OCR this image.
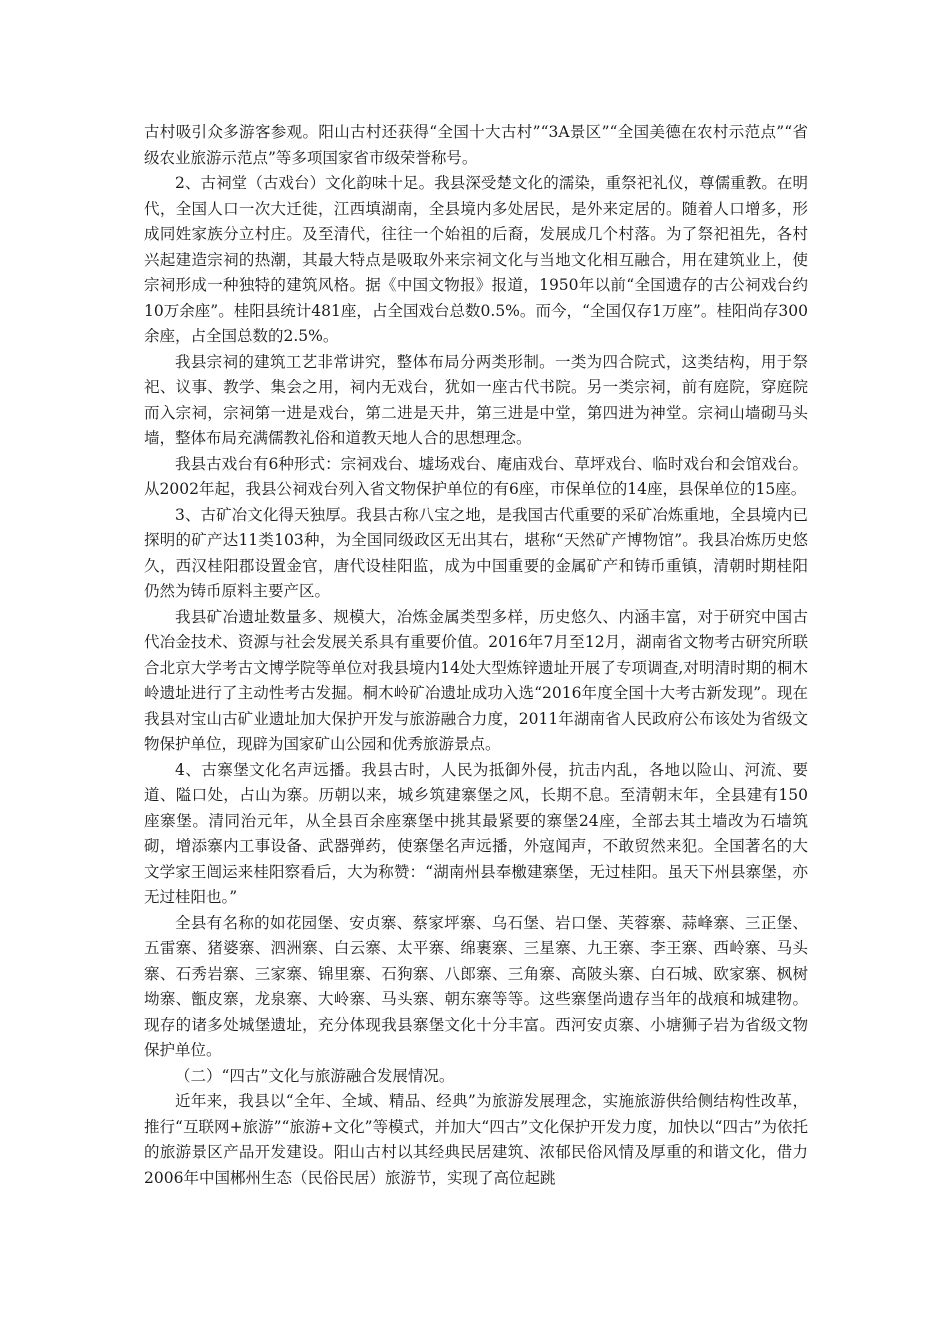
古村吸引众多游客参观。阳山古村还获得“全国十大古村”“3A景区”“全国美德在农村示范点”“省级农业旅游示范点”等多项国家省市级荣誉称号。

2、古祠堂（古戏台）文化韵味十足。我县深受楚文化的濡染，重祭祀礼仪，尊儒重教。在明代，全国人口一次大迁徙，江西填湖南，全县境内多处居民，是外来定居的。随着人口增多，形成同姓家族分立村庄。及至清代，往往一个始祖的后裔，发展成几个村落。为了祭祀祖先，各村兴起建造宗祠的热潮，其最大特点是吸取外来宗祠文化与当地文化相互融合，用在建筑业上，使宗祠形成一种独特的建筑风格。据《中国文物报》报道，1950年以前“全国遗存的古公祠戏台约10万余座”。桂阳县统计481座，占全国戏台总数0.5%。而今，“全国仅存1万座”。桂阳尚存300余座，占全国总数的2.5%。

我县宗祠的建筑工艺非常讲究，整体布局分两类形制。一类为四合院式，这类结构，用于祭祀、议事、教学、集会之用，祠内无戏台，犹如一座古代书院。另一类宗祠，前有庭院，穿庭院而入宗祠，宗祠第一进是戏台，第二进是天井，第三进是中堂，第四进为神堂。宗祠山墙砌马头墙，整体布局充满儒教礼俗和道教天地人合的思想理念。

我县古戏台有6种形式：宗祠戏台、墟场戏台、庵庙戏台、草坪戏台、临时戏台和会馆戏台。从2002年起，我县公祠戏台列入省文物保护单位的有6座，市保单位的14座，县保单位的15座。

3、古矿冶文化得天独厚。我县古称八宝之地，是我国古代重要的采矿冶炼重地，全县境内已探明的矿产达11类103种，为全国同级政区无出其右，堪称“天然矿产博物馆”。我县冶炼历史悠久，西汉桂阳郡设置金官，唐代设桂阳监，成为中国重要的金属矿产和铸币重镇，清朝时期桂阳仍然为铸币原料主要产区。

我县矿冶遗址数量多、规模大，冶炼金属类型多样，历史悠久、内涵丰富，对于研究中国古代冶金技术、资源与社会发展关系具有重要价值。2016年7月至12月，湖南省文物考古研究所联合北京大学考古文博学院等单位对我县境内14处大型炼锌遗址开展了专项调查,对明清时期的桐木岭遗址进行了主动性考古发掘。桐木岭矿冶遗址成功入选“2016年度全国十大考古新发现”。现在我县对宝山古矿业遗址加大保护开发与旅游融合力度，2011年湖南省人民政府公布该处为省级文物保护单位，现辟为国家矿山公园和优秀旅游景点。

4、古寨堡文化名声远播。我县古时，人民为抵御外侵，抗击内乱，各地以险山、河流、要道、隘口处，占山为寨。历朝以来，城乡筑建寨堡之风，长期不息。至清朝末年，全县建有150座寨堡。清同治元年，从全县百余座寨堡中挑其最紧要的寨堡24座，全部去其土墙改为石墙筑砌，增添寨内工事设备、武器弹药，使寨堡名声远播，外寇闻声，不敢贸然来犯。全国著名的大文学家王闿运来桂阳察看后，大为称赞：“湖南州县奉檄建寨堡，无过桂阳。虽天下州县寨堡，亦无过桂阳也。”

全县有名称的如花园堡、安贞寨、蔡家坪寨、乌石堡、岩口堡、芙蓉寨、蒜峰寨、三正堡、五雷寨、猪婆寨、泗洲寨、白云寨、太平寨、绵裹寨、三星寨、九王寨、李王寨、西岭寨、马头寨、石秀岩寨、三家寨、锦里寨、石狗寨、八郎寨、三角寨、高陂头寨、白石城、欧家寨、枫树坳寨、甑皮寨，龙泉寨、大岭寨、马头寨、朝东寨等等。这些寨堡尚遗存当年的战痕和城建物。现存的诸多处城堡遗址，充分体现我县寨堡文化十分丰富。西河安贞寨、小塘狮子岩为省级文物保护单位。

（二）“四古”文化与旅游融合发展情况。

近年来，我县以“全年、全域、精品、经典”为旅游发展理念，实施旅游供给侧结构性改革，推行“互联网+旅游”“旅游+文化”等模式，并加大“四古”文化保护开发力度，加快以“四古”为依托的旅游景区产品开发建设。阳山古村以其经典民居建筑、浓郁民俗风情及厚重的和谐文化，借力2006年中国郴州生态（民俗民居）旅游节，实现了高位起跳
